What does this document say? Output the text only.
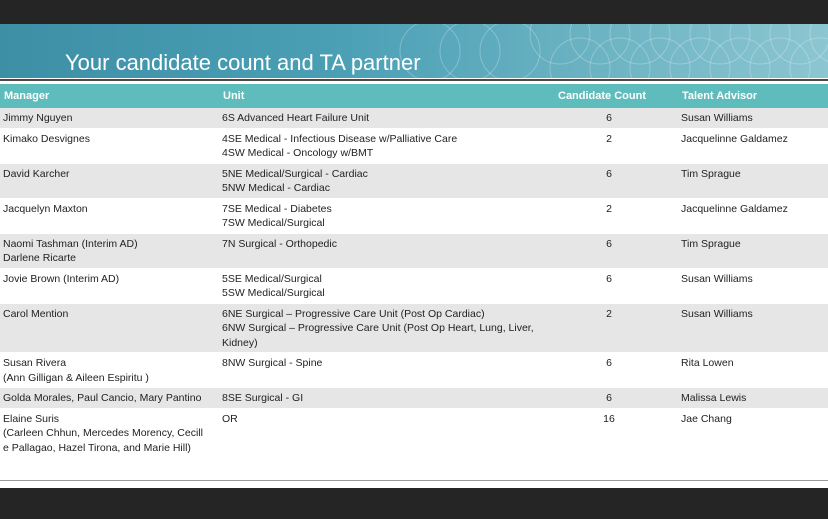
Your candidate count and TA partner
Manager	Unit	Candidate Count	Talent Advisor

Jimmy Nguyen	6S Advanced Heart Failure Unit	6	Susan Williams

Kimako Desvignes	4SE Medical - Infectious Disease w/Palliative Care
4SW Medical - Oncology w/BMT	2	Jacquelinne Galdamez

David Karcher	5NE Medical/Surgical - Cardiac
5NW Medical - Cardiac	6	Tim Sprague

Jacquelyn Maxton	7SE Medical - Diabetes
7SW Medical/Surgical	2	Jacquelinne Galdamez

Naomi Tashman (Interim AD)
Darlene Ricarte	7N Surgical - Orthopedic	6	Tim Sprague

Jovie Brown (Interim AD)	5SE Medical/Surgical
5SW Medical/Surgical	6	Susan Williams

Carol Mention	6NE Surgical – Progressive Care Unit (Post Op Cardiac)
6NW Surgical – Progressive Care Unit (Post Op Heart, Lung, Liver, Kidney)	2	Susan Williams

Susan Rivera
(Ann Gilligan & Aileen Espiritu )	8NW Surgical - Spine	6	Rita Lowen

Golda Morales, Paul Cancio, Mary Pantino	8SE Surgical - GI	6	Malissa Lewis

Elaine Suris
(Carleen Chhun, Mercedes Morency, Cecill
e Pallagao, Hazel Tirona, and Marie Hill)	OR	16	Jae Chang
